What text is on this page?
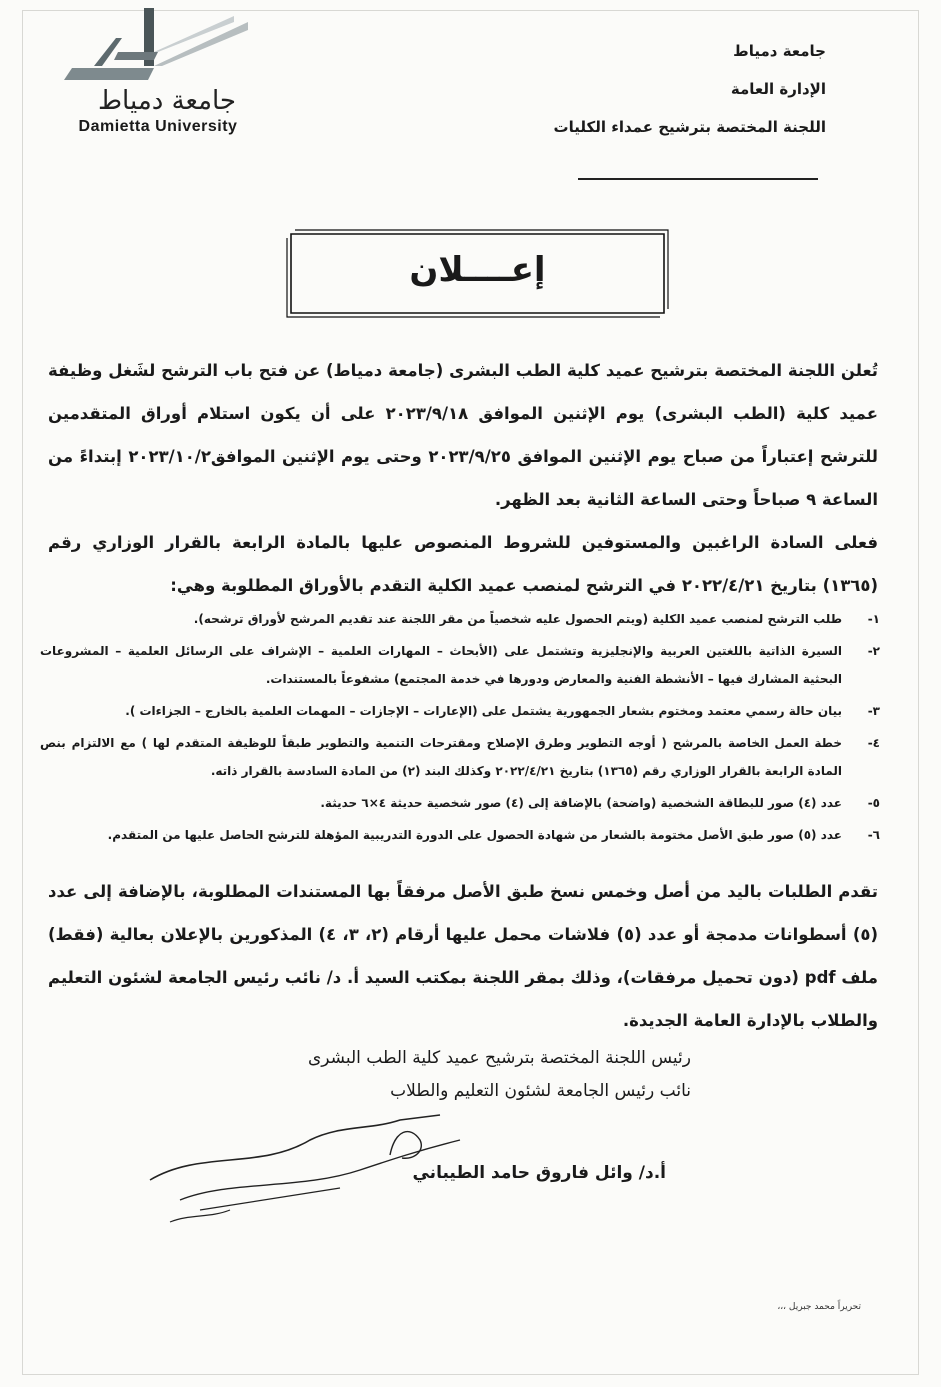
جامعة دمياط
Damietta University
جامعة دمياط
الإدارة العامة
اللجنة المختصة بترشيح عمداء الكليات
إعــــلان
تُعلن اللجنة المختصة بترشيح عميد كلية الطب البشرى (جامعة دمياط) عن فتح باب الترشح لشَغل وظيفة عميد كلية (الطب البشرى) يوم الإثنين الموافق ٢٠٢٣/٩/١٨ على أن يكون استلام أوراق المتقدمين للترشح إعتباراً من صباح يوم الإثنين الموافق ٢٠٢٣/٩/٢٥ وحتى يوم الإثنين الموافق٢٠٢٣/١٠/٢ إبتداءً من الساعة ٩ صباحاً وحتى الساعة الثانية بعد الظهر.
فعلى السادة الراغبين والمستوفين للشروط المنصوص عليها بالمادة الرابعة بالقرار الوزاري رقم (١٣٦٥) بتاريخ ٢٠٢٢/٤/٢١ في الترشح لمنصب عميد الكلية التقدم بالأوراق المطلوبة وهي:
١-
طلب الترشح لمنصب عميد الكلية (ويتم الحصول عليه شخصياً من مقر اللجنة عند تقديم المرشح لأوراق ترشحه).
٢-
السيرة الذاتية باللغتين العربية والإنجليزية وتشتمل على (الأبحاث – المهارات العلمية – الإشراف على الرسائل العلمية – المشروعات البحثية المشارك فيها – الأنشطة الفنية والمعارض ودورها في خدمة المجتمع) مشفوعاً بالمستندات.
٣-
بيان حالة رسمي معتمد ومختوم بشعار الجمهورية يشتمل على (الإعارات – الإجازات – المهمات العلمية بالخارج – الجزاءات ).
٤-
خطة العمل الخاصة بالمرشح ( أوجه التطوير وطرق الإصلاح ومقترحات التنمية والتطوير طبقاً للوظيفة المتقدم لها ) مع الالتزام بنص المادة الرابعة بالقرار الوزاري رقم (١٣٦٥) بتاريخ ٢٠٢٢/٤/٢١ وكذلك البند (٢) من المادة السادسة بالقرار ذاته.
٥-
عدد (٤) صور للبطاقة الشخصية (واضحة) بالإضافة إلى (٤) صور شخصية حديثة ٤×٦ حديثة.
٦-
عدد (٥) صور طبق الأصل مختومة بالشعار من شهادة الحصول على الدورة التدريبية المؤهلة للترشح الحاصل عليها من المتقدم.
تقدم الطلبات باليد من أصل وخمس نسخ طبق الأصل مرفقاً بها المستندات المطلوبة، بالإضافة إلى عدد (٥) أسطوانات مدمجة أو عدد (٥) فلاشات محمل عليها أرقام (٢، ٣، ٤) المذكورين بالإعلان بعالية (فقط) ملف pdf (دون تحميل مرفقات)، وذلك بمقر اللجنة بمكتب السيد أ. د/ نائب رئيس الجامعة لشئون التعليم والطلاب بالإدارة العامة الجديدة.
رئيس اللجنة المختصة بترشيح عميد كلية الطب البشرى
نائب رئيس الجامعة لشئون التعليم والطلاب
أ.د/ وائل فاروق حامد الطيباني
تحريراً محمد جبريل ،،،
